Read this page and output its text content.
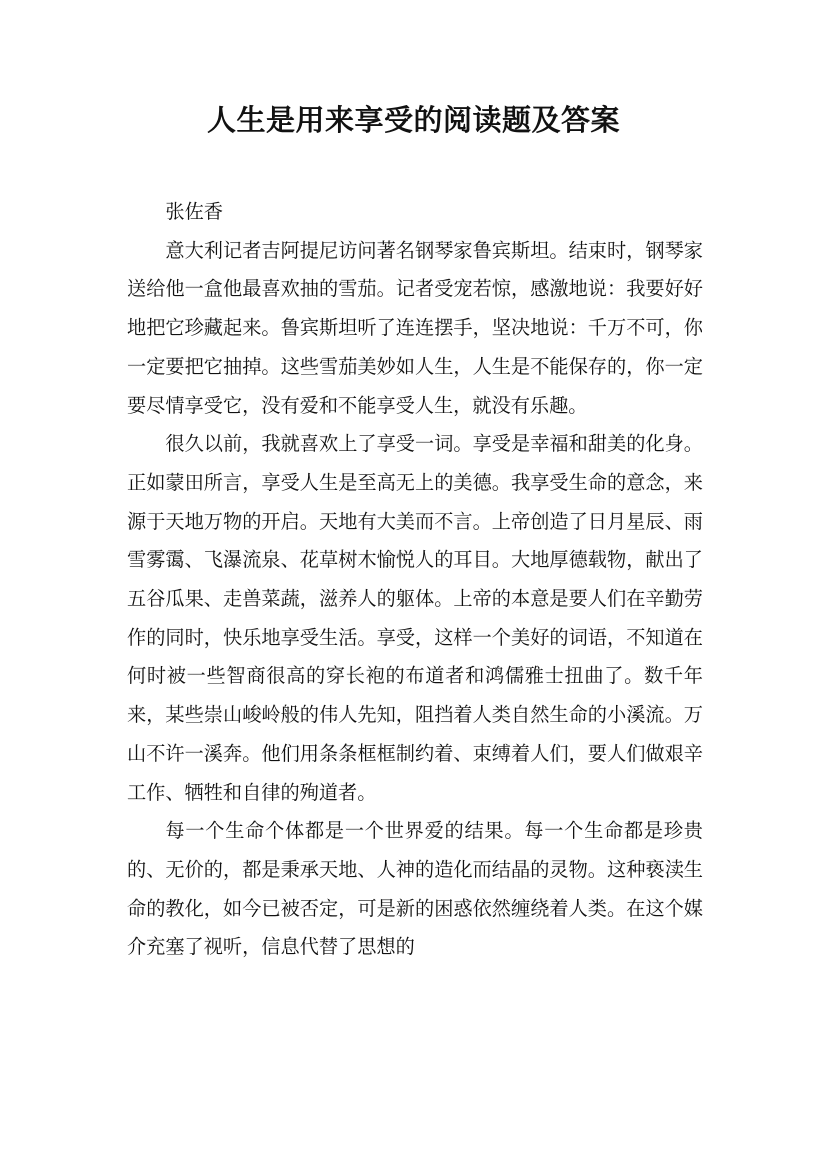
人生是用来享受的阅读题及答案

张佐香

意大利记者吉阿提尼访问著名钢琴家鲁宾斯坦。结束时，钢琴家送给他一盒他最喜欢抽的雪茄。记者受宠若惊，感激地说：我要好好地把它珍藏起来。鲁宾斯坦听了连连摆手，坚决地说：千万不可，你一定要把它抽掉。这些雪茄美妙如人生，人生是不能保存的，你一定要尽情享受它，没有爱和不能享受人生，就没有乐趣。

很久以前，我就喜欢上了享受一词。享受是幸福和甜美的化身。正如蒙田所言，享受人生是至高无上的美德。我享受生命的意念，来源于天地万物的开启。天地有大美而不言。上帝创造了日月星辰、雨雪雾霭、飞瀑流泉、花草树木愉悦人的耳目。大地厚德载物，献出了五谷瓜果、走兽菜蔬，滋养人的躯体。上帝的本意是要人们在辛勤劳作的同时，快乐地享受生活。享受，这样一个美好的词语，不知道在何时被一些智商很高的穿长袍的布道者和鸿儒雅士扭曲了。数千年来，某些崇山峻岭般的伟人先知，阻挡着人类自然生命的小溪流。万山不许一溪奔。他们用条条框框制约着、束缚着人们，要人们做艰辛工作、牺牲和自律的殉道者。

每一个生命个体都是一个世界爱的结果。每一个生命都是珍贵的、无价的，都是秉承天地、人神的造化而结晶的灵物。这种亵渎生命的教化，如今已被否定，可是新的困惑依然缠绕着人类。在这个媒介充塞了视听，信息代替了思想的
